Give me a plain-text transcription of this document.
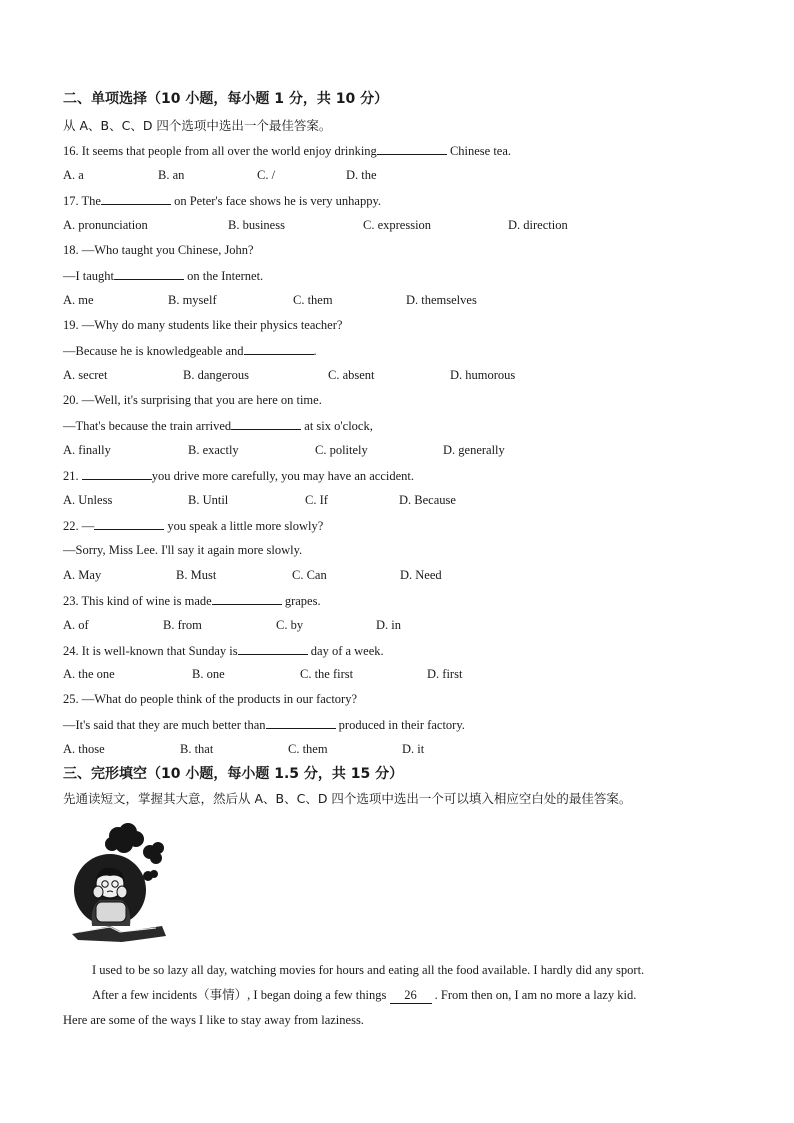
二、单项选择（10 小题，每小题 1 分，共 10 分）
从 A、B、C、D 四个选项中选出一个最佳答案。
16. It seems that people from all over the world enjoy drinking	Chinese tea.
A. a	B. an	C. /	D. the
17. The	on Peter's face shows he is very unhappy.
A. pronunciation	B. business	C. expression	D. direction
18. —Who taught you Chinese, John?
—I taught	on the Internet.
A. me	B. myself	C. them	D. themselves
19. —Why do many students like their physics teacher?
—Because he is knowledgeable and	.
A. secret	B. dangerous	C. absent	D. humorous
20. —Well, it's surprising that you are here on time.
—That's because the train arrived	at six o'clock,
A. finally	B. exactly	C. politely	D. generally
21.	you drive more carefully, you may have an accident.
A. Unless	B. Until	C. If	D. Because
22. —	you speak a little more slowly?
—Sorry, Miss Lee. I'll say it again more slowly.
A. May	B. Must	C. Can	D. Need
23. This kind of wine is made	grapes.
A. of	B. from	C. by	D. in
24. It is well-known that Sunday is	day of a week.
A. the one	B. one	C. the first	D. first
25. —What do people think of the products in our factory?
—It's said that they are much better than	produced in their factory.
A. those	B. that	C. them	D. it
三、完形填空（10 小题，每小题 1.5 分，共 15 分）
先通读短文，掌握其大意，然后从 A、B、C、D 四个选项中选出一个可以填入相应空白处的最佳答案。
I used to be so lazy all day, watching movies for hours and eating all the food available. I hardly did any sport.
After a few incidents（事情）, I began doing a few things 26 . From then on, I am no more a lazy kid.
Here are some of the ways I like to stay away from laziness.
